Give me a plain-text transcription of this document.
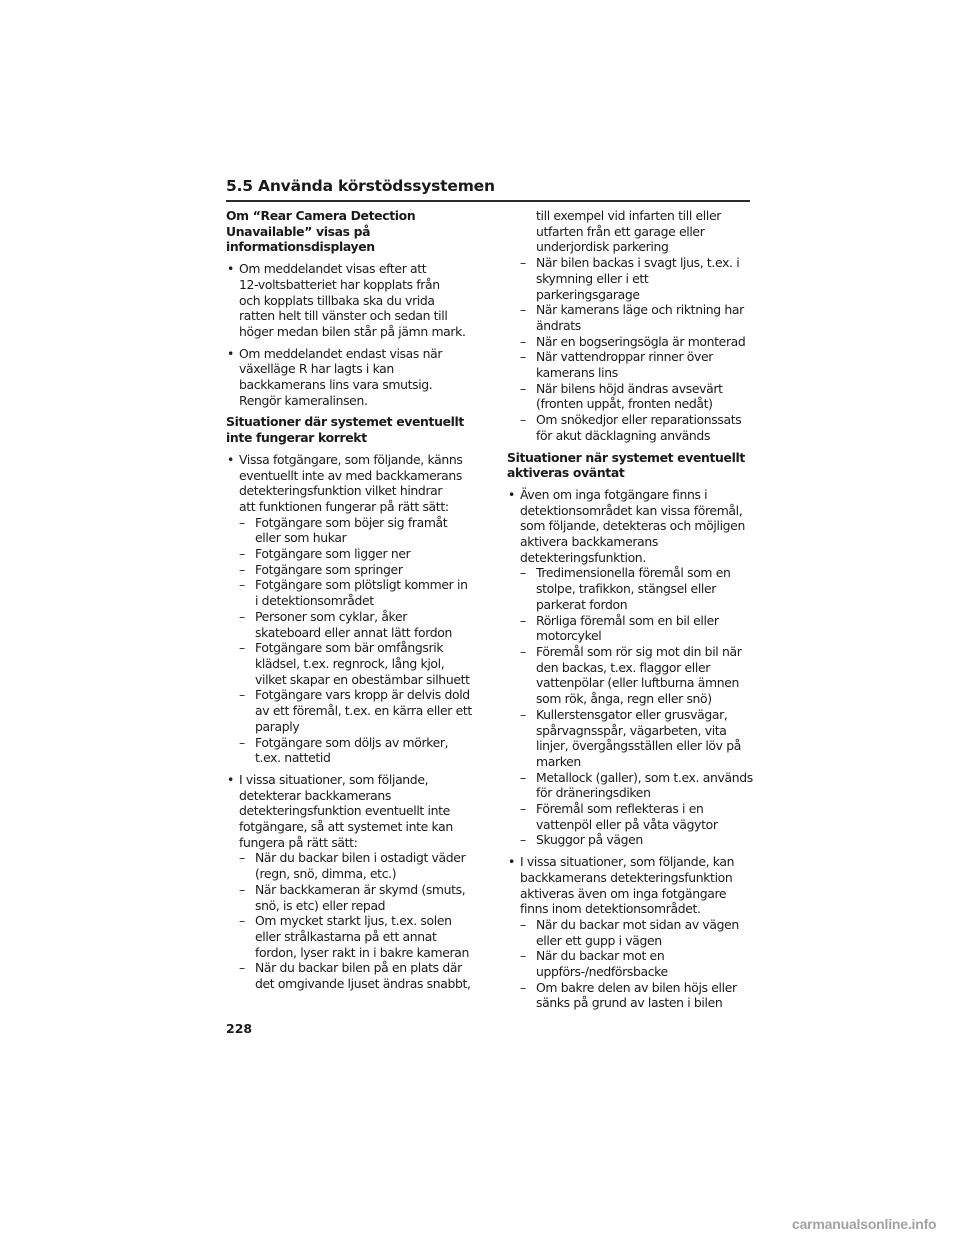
5.5 Använda körstödssystemen
Om “Rear Camera Detection
Unavailable” visas på
informationsdisplayen
• Om meddelandet visas efter att
12-voltsbatteriet har kopplats från
och kopplats tillbaka ska du vrida
ratten helt till vänster och sedan till
höger medan bilen står på jämn mark.
• Om meddelandet endast visas när
växelläge R har lagts i kan
backkamerans lins vara smutsig.
Rengör kameralinsen.
Situationer där systemet eventuellt
inte fungerar korrekt
• Vissa fotgängare, som följande, känns
eventuellt inte av med backkamerans
detekteringsfunktion vilket hindrar
att funktionen fungerar på rätt sätt:
– Fotgängare som böjer sig framåt
eller som hukar
– Fotgängare som ligger ner
– Fotgängare som springer
– Fotgängare som plötsligt kommer in
i detektionsområdet
– Personer som cyklar, åker
skateboard eller annat lätt fordon
– Fotgängare som bär omfångsrik
klädsel, t.ex. regnrock, lång kjol,
vilket skapar en obestämbar silhuett
– Fotgängare vars kropp är delvis dold
av ett föremål, t.ex. en kärra eller ett
paraply
– Fotgängare som döljs av mörker,
t.ex. nattetid
• I vissa situationer, som följande,
detekterar backkamerans
detekteringsfunktion eventuellt inte
fotgängare, så att systemet inte kan
fungera på rätt sätt:
– När du backar bilen i ostadigt väder
(regn, snö, dimma, etc.)
– När backkameran är skymd (smuts,
snö, is etc) eller repad
– Om mycket starkt ljus, t.ex. solen
eller strålkastarna på ett annat
fordon, lyser rakt in i bakre kameran
– När du backar bilen på en plats där
det omgivande ljuset ändras snabbt,
till exempel vid infarten till eller
utfarten från ett garage eller
underjordisk parkering
– När bilen backas i svagt ljus, t.ex. i
skymning eller i ett
parkeringsgarage
– När kamerans läge och riktning har
ändrats
– När en bogseringsögla är monterad
– När vattendroppar rinner över
kamerans lins
– När bilens höjd ändras avsevärt
(fronten uppåt, fronten nedåt)
– Om snökedjor eller reparationssats
för akut däcklagning används
Situationer när systemet eventuellt
aktiveras oväntat
• Även om inga fotgängare finns i
detektionsområdet kan vissa föremål,
som följande, detekteras och möjligen
aktivera backkamerans
detekteringsfunktion.
– Tredimensionella föremål som en
stolpe, trafikkon, stängsel eller
parkerat fordon
– Rörliga föremål som en bil eller
motorcykel
– Föremål som rör sig mot din bil när
den backas, t.ex. flaggor eller
vattenpölar (eller luftburna ämnen
som rök, ånga, regn eller snö)
– Kullerstensgator eller grusvägar,
spårvagnsspår, vägarbeten, vita
linjer, övergångsställen eller löv på
marken
– Metallock (galler), som t.ex. används
för dräneringsdiken
– Föremål som reflekteras i en
vattenpöl eller på våta vägytor
– Skuggor på vägen
• I vissa situationer, som följande, kan
backkamerans detekteringsfunktion
aktiveras även om inga fotgängare
finns inom detektionsområdet.
– När du backar mot sidan av vägen
eller ett gupp i vägen
– När du backar mot en
uppförs-/nedförsbacke
– Om bakre delen av bilen höjs eller
sänks på grund av lasten i bilen
228
carmanualsonline.info
